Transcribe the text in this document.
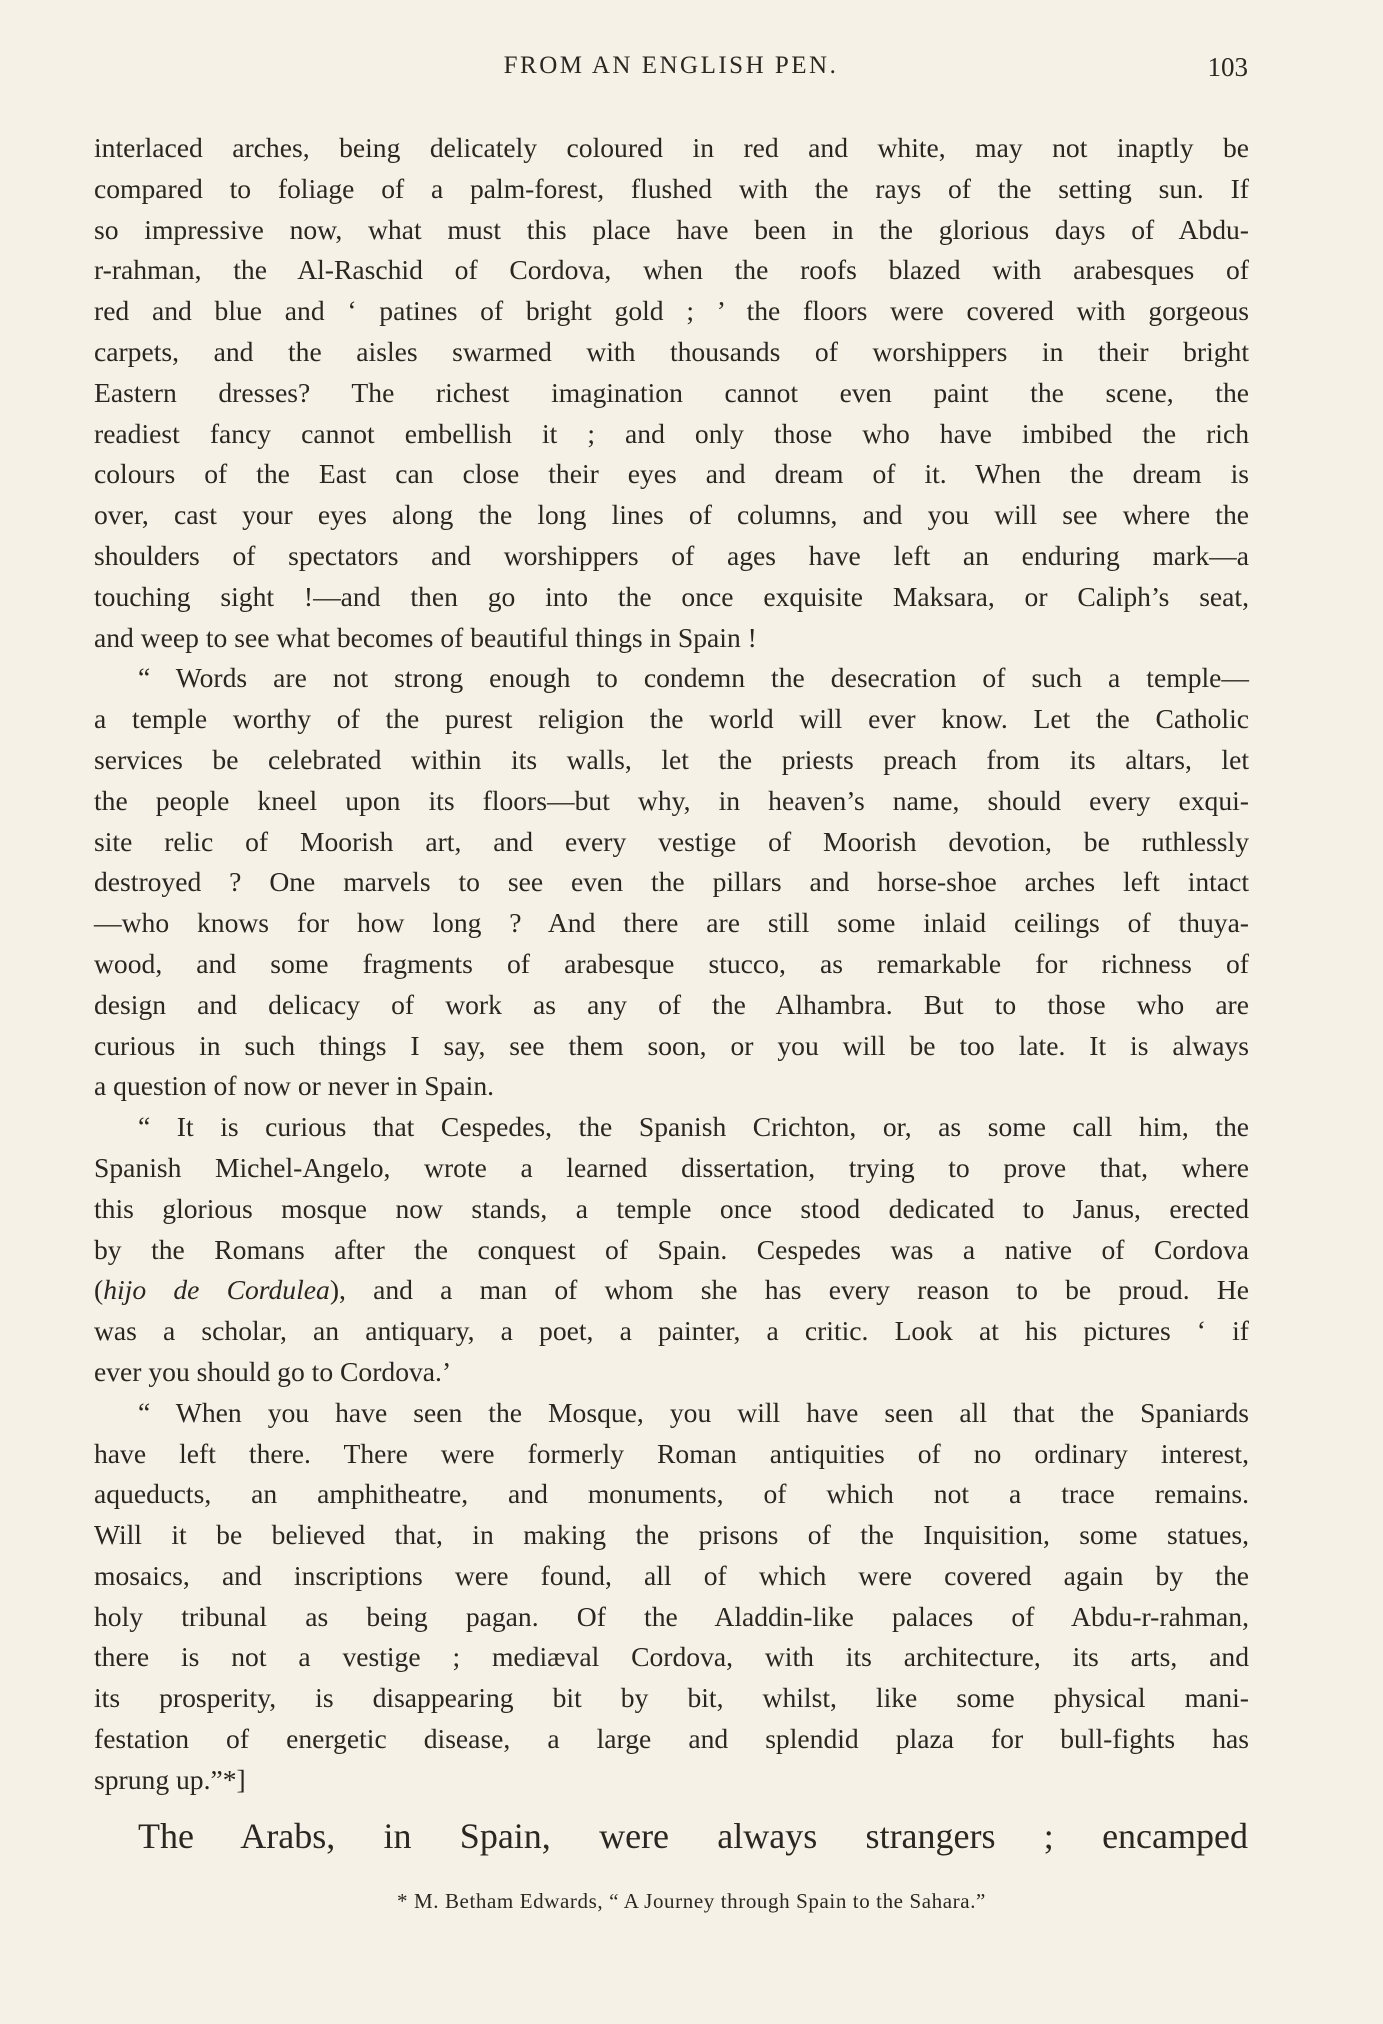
FROM AN ENGLISH PEN.	103
interlaced arches, being delicately coloured in red and white, may not inaptly be
compared to foliage of a palm-forest, flushed with the rays of the setting sun. If
so impressive now, what must this place have been in the glorious days of Abdu-
r-rahman, the Al-Raschid of Cordova, when the roofs blazed with arabesques of
red and blue and ‘ patines of bright gold ; ’ the floors were covered with gorgeous
carpets, and the aisles swarmed with thousands of worshippers in their bright
Eastern dresses? The richest imagination cannot even paint the scene, the
readiest fancy cannot embellish it ; and only those who have imbibed the rich
colours of the East can close their eyes and dream of it. When the dream is
over, cast your eyes along the long lines of columns, and you will see where the
shoulders of spectators and worshippers of ages have left an enduring mark—a
touching sight !—and then go into the once exquisite Maksara, or Caliph’s seat,
and weep to see what becomes of beautiful things in Spain !
“ Words are not strong enough to condemn the desecration of such a temple—
a temple worthy of the purest religion the world will ever know. Let the Catholic
services be celebrated within its walls, let the priests preach from its altars, let
the people kneel upon its floors—but why, in heaven’s name, should every exqui-
site relic of Moorish art, and every vestige of Moorish devotion, be ruthlessly
destroyed ? One marvels to see even the pillars and horse-shoe arches left intact
—who knows for how long ? And there are still some inlaid ceilings of thuya-
wood, and some fragments of arabesque stucco, as remarkable for richness of
design and delicacy of work as any of the Alhambra. But to those who are
curious in such things I say, see them soon, or you will be too late. It is always
a question of now or never in Spain.
“ It is curious that Cespedes, the Spanish Crichton, or, as some call him, the
Spanish Michel-Angelo, wrote a learned dissertation, trying to prove that, where
this glorious mosque now stands, a temple once stood dedicated to Janus, erected
by the Romans after the conquest of Spain. Cespedes was a native of Cordova
(hijo de Cordulea), and a man of whom she has every reason to be proud. He
was a scholar, an antiquary, a poet, a painter, a critic. Look at his pictures ‘ if
ever you should go to Cordova.’
“ When you have seen the Mosque, you will have seen all that the Spaniards
have left there. There were formerly Roman antiquities of no ordinary interest,
aqueducts, an amphitheatre, and monuments, of which not a trace remains.
Will it be believed that, in making the prisons of the Inquisition, some statues,
mosaics, and inscriptions were found, all of which were covered again by the
holy tribunal as being pagan. Of the Aladdin-like palaces of Abdu-r-rahman,
there is not a vestige ; mediæval Cordova, with its architecture, its arts, and
its prosperity, is disappearing bit by bit, whilst, like some physical mani-
festation of energetic disease, a large and splendid plaza for bull-fights has
sprung up.”*]
The Arabs, in Spain, were always strangers ; encamped
* M. Betham Edwards, “ A Journey through Spain to the Sahara.”
